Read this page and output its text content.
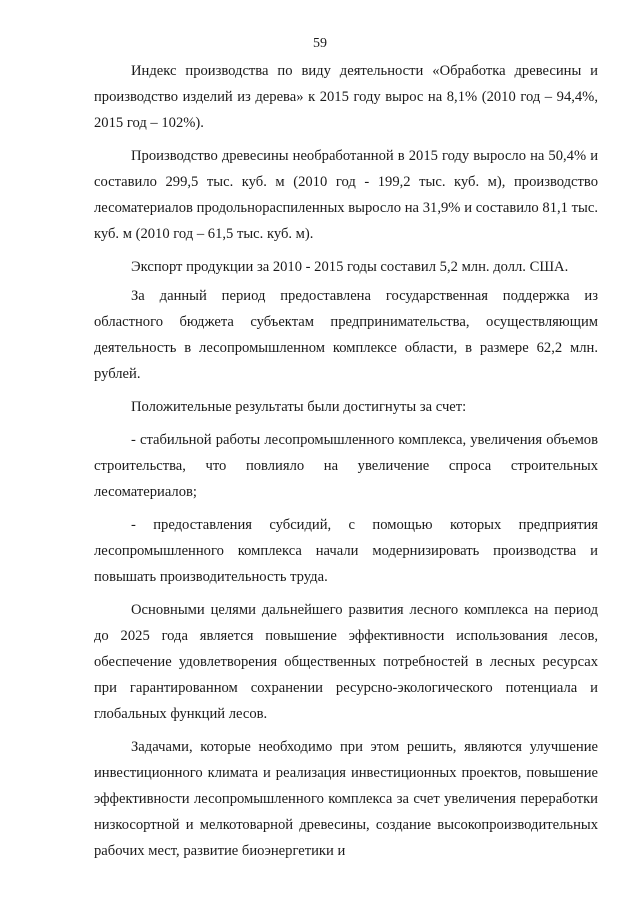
59

Индекс производства по виду деятельности «Обработка древесины и производство изделий из дерева» к 2015 году вырос на 8,1% (2010 год – 94,4%, 2015 год – 102%).

Производство древесины необработанной в 2015 году выросло на 50,4% и составило 299,5 тыс. куб. м (2010 год - 199,2 тыс. куб. м), производство лесоматериалов продольнораспиленных выросло на 31,9% и составило 81,1 тыс. куб. м (2010 год – 61,5 тыс. куб. м).

Экспорт продукции за 2010 - 2015 годы составил 5,2 млн. долл. США.

За данный период предоставлена государственная поддержка из областного бюджета субъектам предпринимательства, осуществляющим деятельность в лесопромышленном комплексе области, в размере 62,2 млн. рублей.

Положительные результаты были достигнуты за счет:

- стабильной работы лесопромышленного комплекса, увеличения объемов строительства, что повлияло на увеличение спроса строительных лесоматериалов;

- предоставления субсидий, с помощью которых предприятия лесопромышленного комплекса начали модернизировать производства и повышать производительность труда.

Основными целями дальнейшего развития лесного комплекса на период до 2025 года является повышение эффективности использования лесов, обеспечение удовлетворения общественных потребностей в лесных ресурсах при гарантированном сохранении ресурсно-экологического потенциала и глобальных функций лесов.

Задачами, которые необходимо при этом решить, являются улучшение инвестиционного климата и реализация инвестиционных проектов, повышение эффективности лесопромышленного комплекса за счет увеличения переработки низкосортной и мелкотоварной древесины, создание высокопроизводительных рабочих мест, развитие биоэнергетики и
